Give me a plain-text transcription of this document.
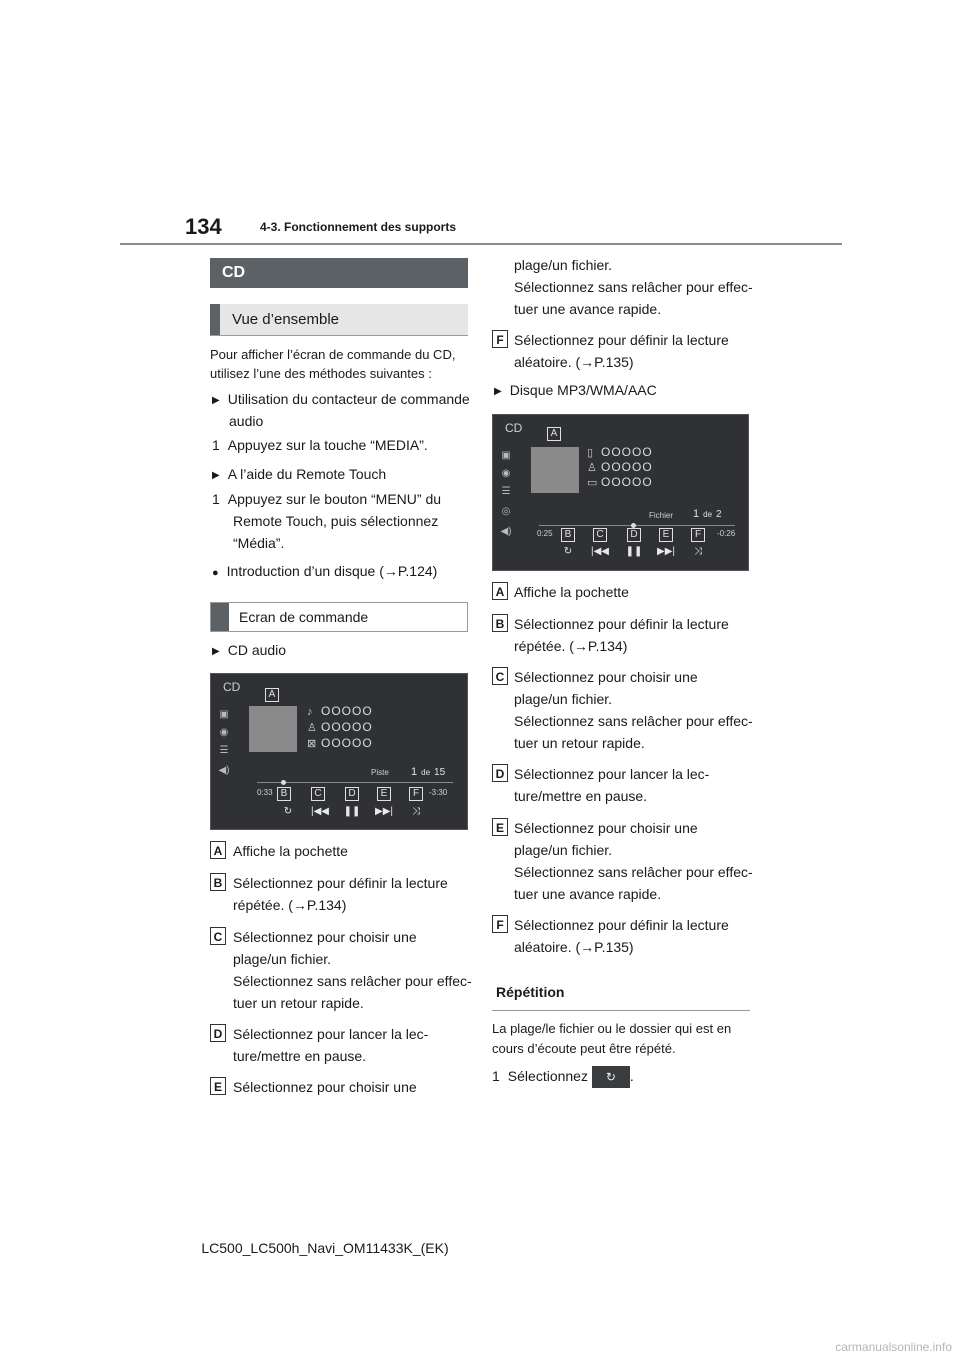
134	4-3. Fonctionnement des supports
CD
Vue d’ensemble
Pour afficher l’écran de commande du CD,
utilisez l’une des méthodes suivantes :
▶ Utilisation du contacteur de commande
audio
1 Appuyez sur la touche “MEDIA”.
▶ A l’aide du Remote Touch
1 Appuyez sur le bouton “MENU” du
Remote Touch, puis sélectionnez
“Média”.
● Introduction d’un disque (→P.124)
Ecran de commande
▶ CD audio
CD
A
▣
◉
☰
◀)
♪ ООООО
♙ ООООО
⊠ ООООО
Piste 1 de 15
0:33	-3:30
B	C	D	E	F
↻	|◀◀	❚❚	▶▶|	⤨
A Affiche la pochette
B Sélectionnez pour définir la lecture
répétée. (→P.134)
C Sélectionnez pour choisir une
plage/un fichier.
Sélectionnez sans relâcher pour effec-
tuer un retour rapide.
D Sélectionnez pour lancer la lec-
ture/mettre en pause.
E Sélectionnez pour choisir une
plage/un fichier.
Sélectionnez sans relâcher pour effec-
tuer une avance rapide.
F Sélectionnez pour définir la lecture
aléatoire. (→P.135)
▶ Disque MP3/WMA/AAC
CD	A
▣
◉
☰
◎
◀)
▯ ООООО
♙ ООООО
▭ ООООО
Fichier 1 de 2
0:25	-0:26
B	C	D	E	F
↻	|◀◀	❚❚	▶▶|	⤨
A Affiche la pochette
B Sélectionnez pour définir la lecture
répétée. (→P.134)
C Sélectionnez pour choisir une
plage/un fichier.
Sélectionnez sans relâcher pour effec-
tuer un retour rapide.
D Sélectionnez pour lancer la lec-
ture/mettre en pause.
E Sélectionnez pour choisir une
plage/un fichier.
Sélectionnez sans relâcher pour effec-
tuer une avance rapide.
F Sélectionnez pour définir la lecture
aléatoire. (→P.135)
Répétition
La plage/le fichier ou le dossier qui est en
cours d’écoute peut être répété.
1 Sélectionnez ↻ .
LC500_LC500h_Navi_OM11433K_(EK)
carmanualsonline.info
